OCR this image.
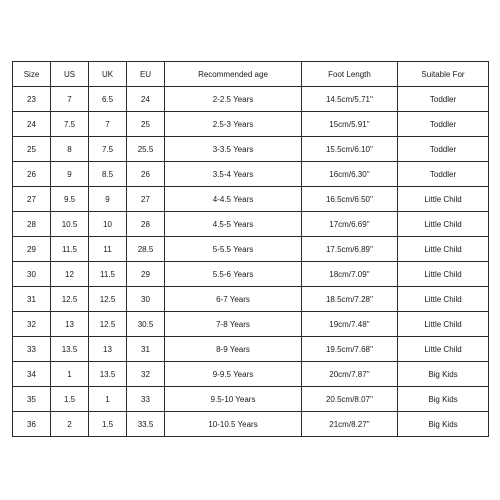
Size	US	UK	EU	Recommended age	Foot Length	Suitable For
23	7	6.5	24	2-2.5 Years	14.5cm/5.71''	Toddler
24	7.5	7	25	2.5-3 Years	15cm/5.91''	Toddler
25	8	7.5	25.5	3-3.5 Years	15.5cm/6.10''	Toddler
26	9	8.5	26	3.5-4 Years	16cm/6.30''	Toddler
27	9.5	9	27	4-4.5 Years	16.5cm/6.50''	Little Child
28	10.5	10	28	4.5-5 Years	17cm/6.69''	Little Child
29	11.5	11	28.5	5-5.5 Years	17.5cm/6.89''	Little Child
30	12	11.5	29	5.5-6 Years	18cm/7.09''	Little Child
31	12.5	12.5	30	6-7 Years	18.5cm/7.28''	Little Child
32	13	12.5	30.5	7-8 Years	19cm/7.48''	Little Child
33	13.5	13	31	8-9 Years	19.5cm/7.68''	Little Child
34	1	13.5	32	9-9.5 Years	20cm/7.87''	Big Kids
35	1.5	1	33	9.5-10 Years	20.5cm/8.07''	Big Kids
36	2	1.5	33.5	10-10.5 Years	21cm/8.27''	Big Kids
